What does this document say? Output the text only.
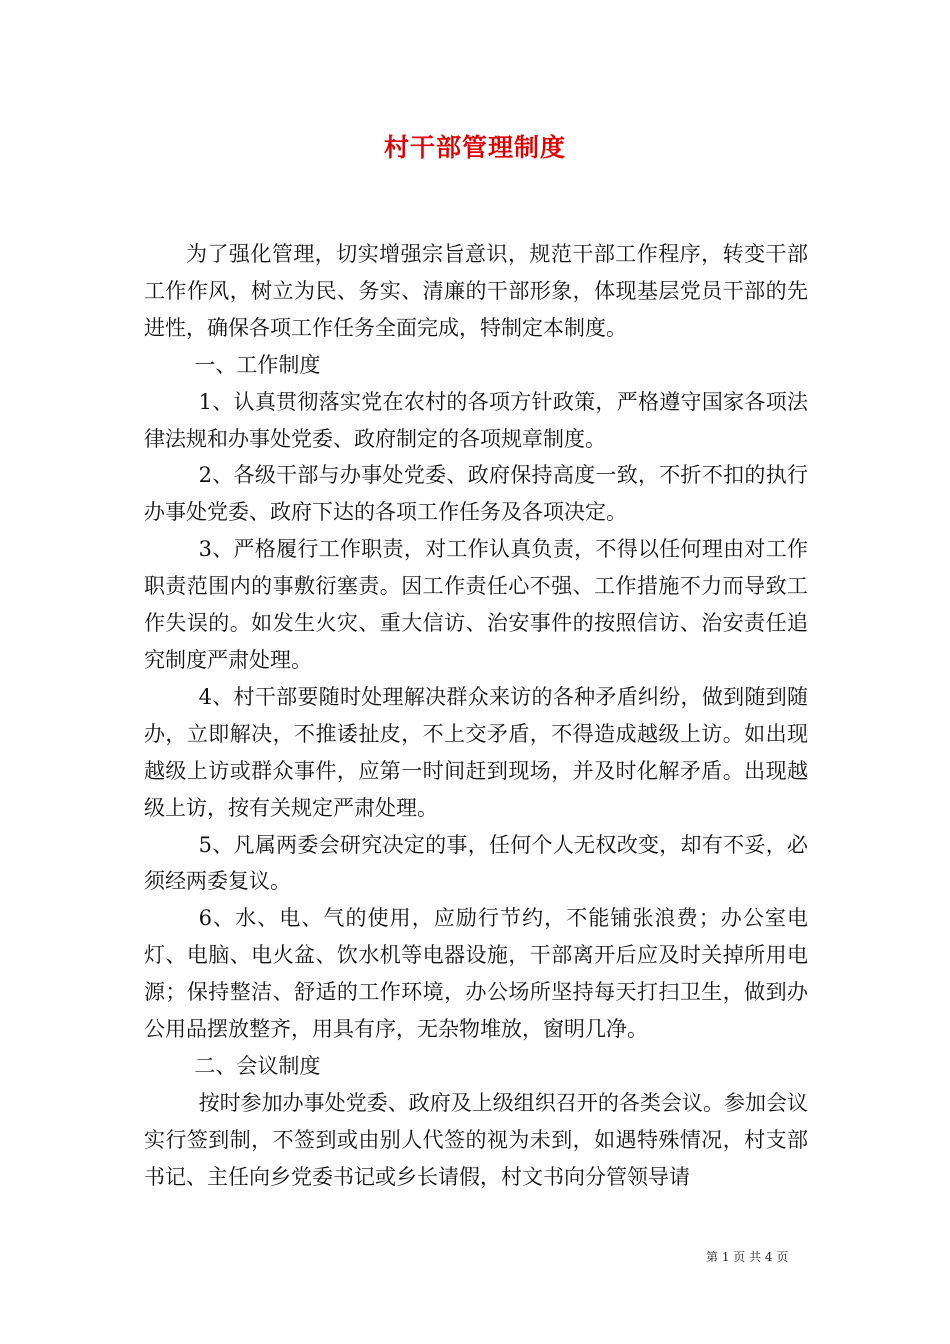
村干部管理制度

为了强化管理，切实增强宗旨意识，规范干部工作程序，转变干部工作作风，树立为民、务实、清廉的干部形象，体现基层党员干部的先进性，确保各项工作任务全面完成，特制定本制度。

一、工作制度

1、认真贯彻落实党在农村的各项方针政策，严格遵守国家各项法律法规和办事处党委、政府制定的各项规章制度。

2、各级干部与办事处党委、政府保持高度一致，不折不扣的执行办事处党委、政府下达的各项工作任务及各项决定。

3、严格履行工作职责，对工作认真负责，不得以任何理由对工作职责范围内的事敷衍塞责。因工作责任心不强、工作措施不力而导致工作失误的。如发生火灾、重大信访、治安事件的按照信访、治安责任追究制度严肃处理。

4、村干部要随时处理解决群众来访的各种矛盾纠纷，做到随到随办，立即解决，不推诿扯皮，不上交矛盾，不得造成越级上访。如出现越级上访或群众事件，应第一时间赶到现场，并及时化解矛盾。出现越级上访，按有关规定严肃处理。

5、凡属两委会研究决定的事，任何个人无权改变，却有不妥，必须经两委复议。

6、水、电、气的使用，应励行节约，不能铺张浪费；办公室电灯、电脑、电火盆、饮水机等电器设施，干部离开后应及时关掉所用电源；保持整洁、舒适的工作环境，办公场所坚持每天打扫卫生，做到办公用品摆放整齐，用具有序，无杂物堆放，窗明几净。

二、会议制度

按时参加办事处党委、政府及上级组织召开的各类会议。参加会议实行签到制，不签到或由别人代签的视为未到，如遇特殊情况，村支部书记、主任向乡党委书记或乡长请假，村文书向分管领导请

第 1 页 共 4 页
